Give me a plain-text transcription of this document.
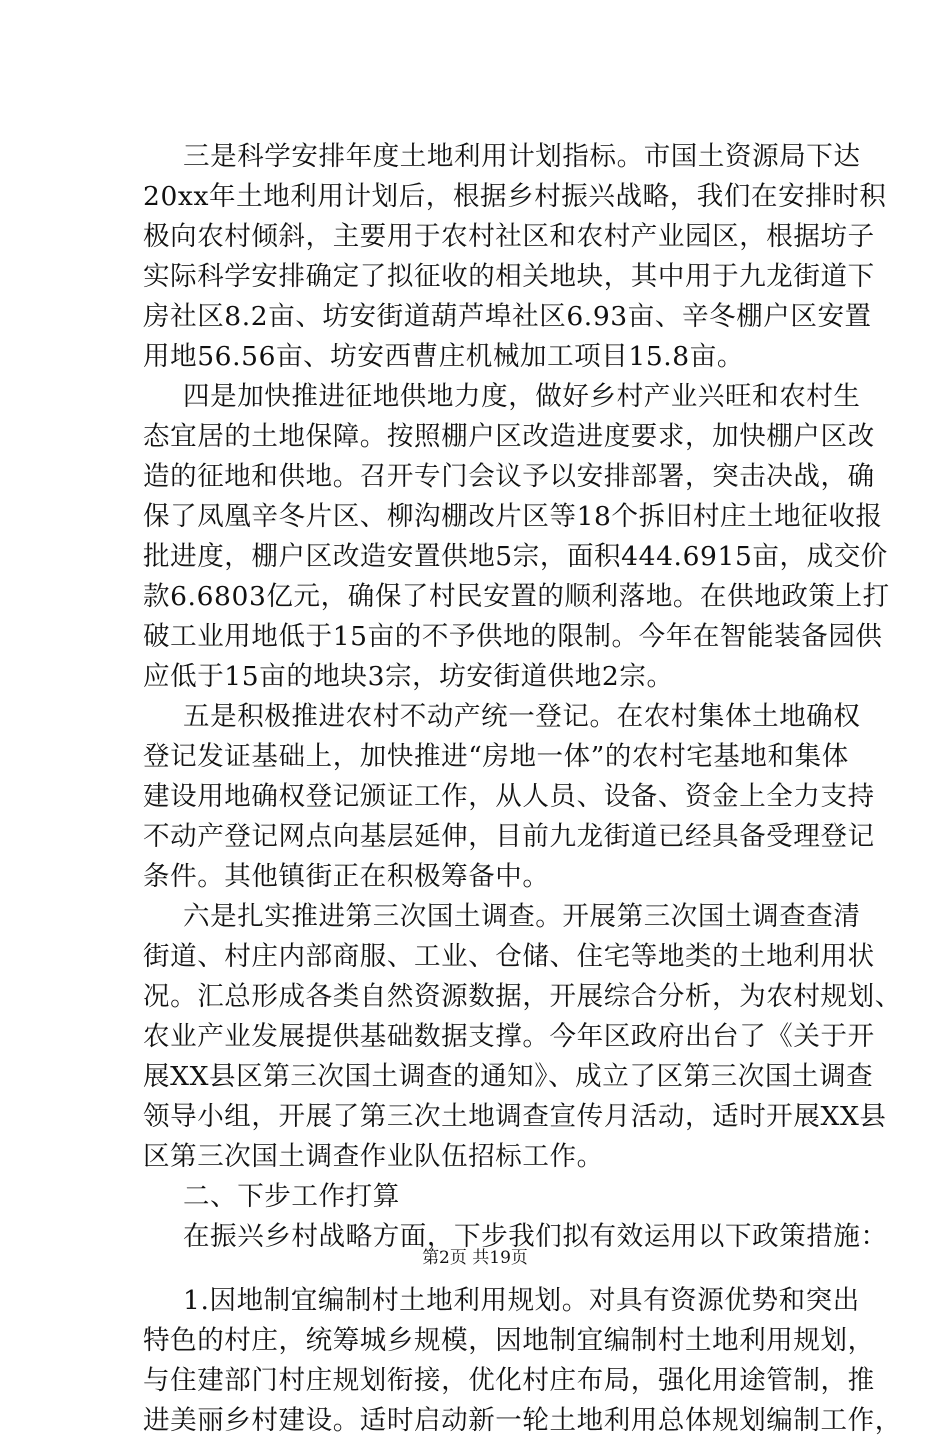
三是科学安排年度土地利用计划指标。市国土资源局下达
20xx年土地利用计划后，根据乡村振兴战略，我们在安排时积
极向农村倾斜，主要用于农村社区和农村产业园区，根据坊子
实际科学安排确定了拟征收的相关地块，其中用于九龙街道下
房社区8.2亩、坊安街道葫芦埠社区6.93亩、辛冬棚户区安置
用地56.56亩、坊安西曹庄机械加工项目15.8亩。
四是加快推进征地供地力度，做好乡村产业兴旺和农村生
态宜居的土地保障。按照棚户区改造进度要求，加快棚户区改
造的征地和供地。召开专门会议予以安排部署，突击决战，确
保了凤凰辛冬片区、柳沟棚改片区等18个拆旧村庄土地征收报
批进度，棚户区改造安置供地5宗，面积444.6915亩，成交价
款6.6803亿元，确保了村民安置的顺利落地。在供地政策上打
破工业用地低于15亩的不予供地的限制。今年在智能装备园供
应低于15亩的地块3宗，坊安街道供地2宗。
五是积极推进农村不动产统一登记。在农村集体土地确权
登记发证基础上，加快推进“房地一体”的农村宅基地和集体
建设用地确权登记颁证工作，从人员、设备、资金上全力支持
不动产登记网点向基层延伸，目前九龙街道已经具备受理登记
条件。其他镇街正在积极筹备中。
六是扎实推进第三次国土调查。开展第三次国土调查查清
街道、村庄内部商服、工业、仓储、住宅等地类的土地利用状
况。汇总形成各类自然资源数据，开展综合分析，为农村规划、
农业产业发展提供基础数据支撑。今年区政府出台了《关于开
展XX县区第三次国土调查的通知》、成立了区第三次国土调查
领导小组，开展了第三次土地调查宣传月活动，适时开展XX县
区第三次国土调查作业队伍招标工作。
二、下步工作打算
在振兴乡村战略方面，下步我们拟有效运用以下政策措施：
1.因地制宜编制村土地利用规划。对具有资源优势和突出
特色的村庄，统筹城乡规模，因地制宜编制村土地利用规划，
与住建部门村庄规划衔接，优化村庄布局，强化用途管制，推
进美丽乡村建设。适时启动新一轮土地利用总体规划编制工作，
第2页 共19页
